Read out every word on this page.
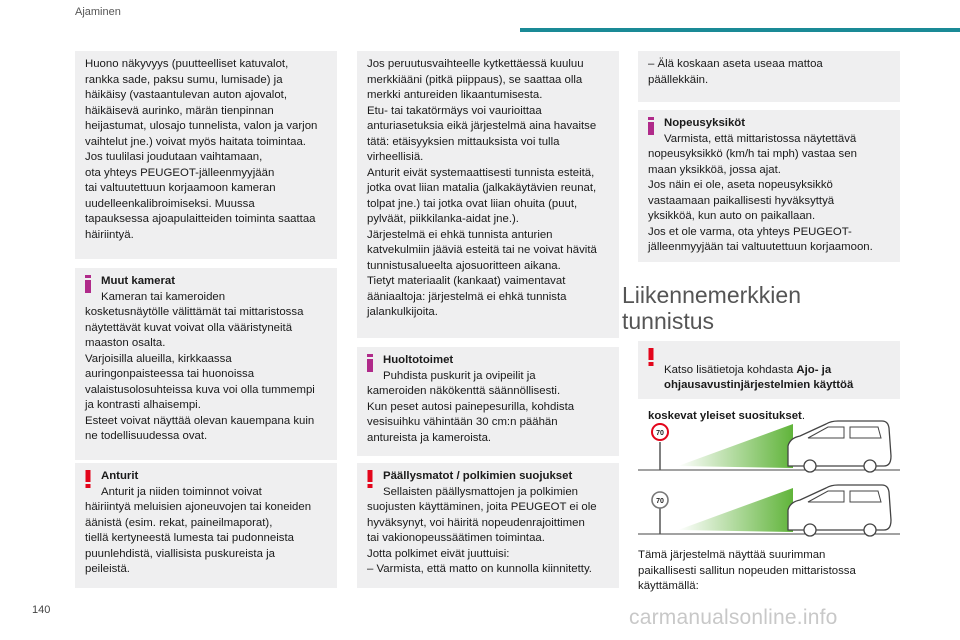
Ajaminen

Huono näkyvyys (puutteelliset katuvalot,
rankka sade, paksu sumu, lumisade) ja
häikäisy (vastaantulevan auton ajovalot,
häikäisevä aurinko, märän tienpinnan
heijastumat, ulosajo tunnelista, valon ja varjon
vaihtelut jne.) voivat myös haitata toimintaa.
Jos tuulilasi joudutaan vaihtamaan,
ota yhteys PEUGEOT-jälleenmyyjään
tai valtuutettuun korjaamoon kameran
uudelleenkalibroimiseksi. Muussa
tapauksessa ajoapulaitteiden toiminta saattaa
häiriintyä.

Muut kamerat
Kameran tai kameroiden

kosketusnäytölle välittämät tai mittaristossa
näytettävät kuvat voivat olla vääristyneitä
maaston osalta.
Varjoisilla alueilla, kirkkaassa
auringonpaisteessa tai huonoissa
valaistusolosuhteissa kuva voi olla tummempi
ja kontrasti alhaisempi.
Esteet voivat näyttää olevan kauempana kuin
ne todellisuudessa ovat.

Anturit
Anturit ja niiden toiminnot voivat

häiriintyä meluisien ajoneuvojen tai koneiden
äänistä (esim. rekat, paineilmaporat),
tiellä kertyneestä lumesta tai pudonneista
puunlehdistä, viallisista puskureista ja
peileistä.

Jos peruutusvaihteelle kytkettäessä kuuluu
merkkiääni (pitkä piippaus), se saattaa olla
merkki antureiden likaantumisesta.
Etu- tai takatörmäys voi vaurioittaa
anturiasetuksia eikä järjestelmä aina havaitse
tätä: etäisyyksien mittauksista voi tulla
virheellisiä.
Anturit eivät systemaattisesti tunnista esteitä,
jotka ovat liian matalia (jalkakäytävien reunat,
tolpat jne.) tai jotka ovat liian ohuita (puut,
pylväät, piikkilanka-aidat jne.).
Järjestelmä ei ehkä tunnista anturien
katvekulmiin jääviä esteitä tai ne voivat hävitä
tunnistusalueelta ajosuoritteen aikana.
Tietyt materiaalit (kankaat) vaimentavat
ääniaaltoja: järjestelmä ei ehkä tunnista
jalankulkijoita.

Huoltotoimet
Puhdista puskurit ja ovipeilit ja

kameroiden näkökenttä säännöllisesti.
Kun peset autosi painepesurilla, kohdista
vesisuihku vähintään 30 cm:n päähän
antureista ja kameroista.

Päällysmatot / polkimien suojukset
Sellaisten päällysmattojen ja polkimien

suojusten käyttäminen, joita PEUGEOT ei ole
hyväksynyt, voi häiritä nopeudenrajoittimen
tai vakionopeussäätimen toimintaa.
Jotta polkimet eivät juuttuisi:
– Varmista, että matto on kunnolla kiinnitetty.

– Älä koskaan aseta useaa mattoa
päällekkäin.

Nopeusyksiköt
Varmista, että mittaristossa näytettävä

nopeusyksikkö (km/h tai mph) vastaa sen
maan yksikköä, jossa ajat.
Jos näin ei ole, aseta nopeusyksikkö
vastaamaan paikallisesti hyväksyttyä
yksikköä, kun auto on paikallaan.
Jos et ole varma, ota yhteys PEUGEOT-
jälleenmyyjään tai valtuutettuun korjaamoon.

Liikennemerkkien
tunnistus

Katso lisätietoja kohdasta Ajo- ja

ohjausavustinjärjestelmien käyttöä

koskevat yleiset suositukset.

70
70

Tämä järjestelmä näyttää suurimman
paikallisesti sallitun nopeuden mittaristossa
käyttämällä:

140	carmanualsonline.info
